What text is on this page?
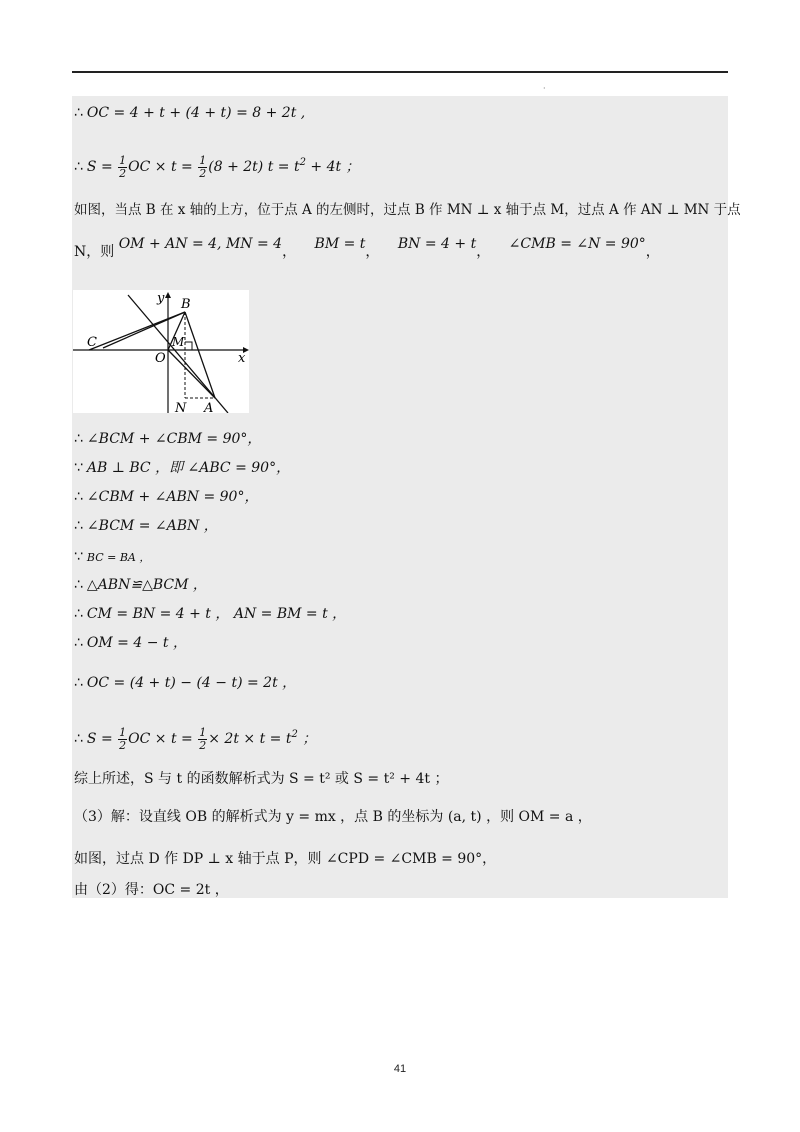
·
∴ OC = 4 + t + (4 + t) = 8 + 2t ,
∴ $S = \frac{1}{2}$ OC × $t = \frac{1}{2} (8 + 2t) t = t^2 + 4t$ ；
如图，当点 B 在 x 轴的上方，位于点 A 的左侧时，过点 B 作 MN ⊥ x 轴于点 M，过点 A 作 AN ⊥ MN 于点
N，则 OM + AN = 4, MN = 4， BM = t， BN = 4 + t， ∠CMB = ∠N = 90°，
y
x
B
C
O
M
N A
∴ ∠BCM + ∠CBM = 90°，
∵ AB ⊥ BC ，即 ∠ABC = 90°，
∴ ∠CBM + ∠ABN = 90°，
∴ ∠BCM = ∠ABN ，
∵ BC = BA ，
∴ △ABN≌△BCM ，
∴ CM = BN = 4 + t ， AN = BM = t ，
∴ OM = 4 − t ，
∴ OC = (4 + t) − (4 − t) = 2t ，
∴ $S = \frac{1}{2}$ OC × $t = \frac{1}{2} \times 2t \times t = t^2$ ；
综上所述，S 与 t 的函数解析式为 S = t² 或 S = t² + 4t ；
（3）解：设直线 OB 的解析式为 y = mx ，点 B 的坐标为 (a, t) ，则 OM = a ，
如图，过点 D 作 DP ⊥ x 轴于点 P，则 ∠CPD = ∠CMB = 90°，
由（2）得：OC = 2t ，
41
